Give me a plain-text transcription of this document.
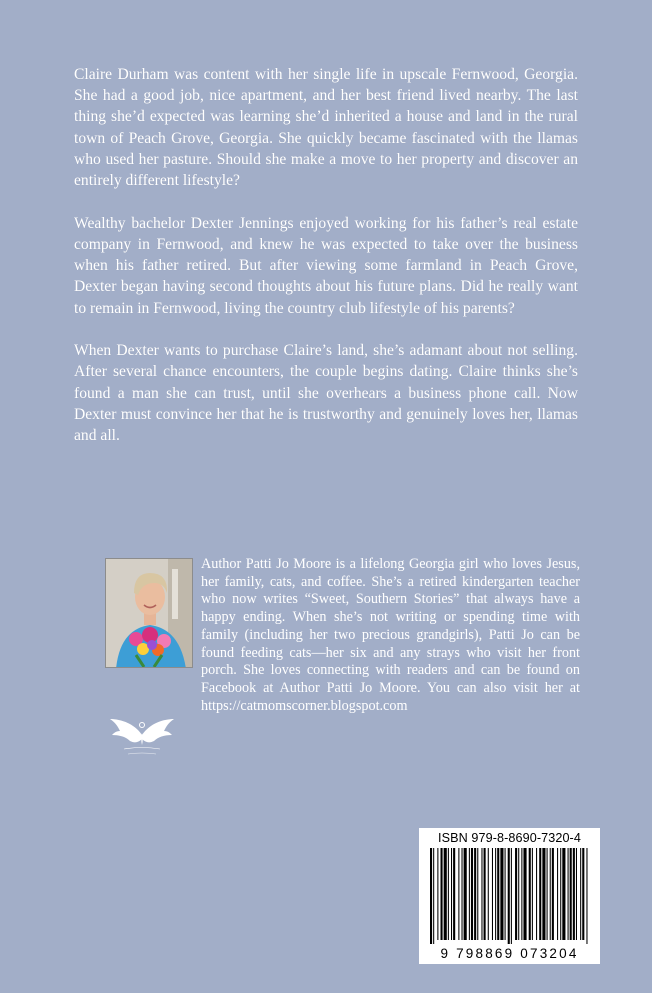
Claire Durham was content with her single life in upscale Fernwood, Georgia. She had a good job, nice apartment, and her best friend lived nearby. The last thing she’d expected was learning she’d inherited a house and land in the rural town of Peach Grove, Georgia. She quickly became fascinated with the llamas who used her pasture. Should she make a move to her property and discover an entirely different lifestyle?

Wealthy bachelor Dexter Jennings enjoyed working for his father’s real estate company in Fernwood, and knew he was expected to take over the business when his father retired. But after viewing some farmland in Peach Grove, Dexter began having second thoughts about his future plans. Did he really want to remain in Fernwood, living the country club lifestyle of his parents?

When Dexter wants to purchase Claire’s land, she’s adamant about not selling. After several chance encounters, the couple begins dating. Claire thinks she’s found a man she can trust, until she overhears a business phone call. Now Dexter must convince her that he is trustworthy and genuinely loves her, llamas and all.

Author Patti Jo Moore is a lifelong Georgia girl who loves Jesus, her family, cats, and coffee. She’s a retired kindergarten teacher who now writes “Sweet, Southern Stories” that always have a happy ending. When she’s not writing or spending time with family (including her two precious grandgirls), Patti Jo can be found feeding cats—her six and any strays who visit her front porch. She loves connecting with readers and can be found on Facebook at Author Patti Jo Moore. You can also visit her at https://catmomscorner.blogspot.com
ISBN 979-8-8690-7320-4
9 798869 073204
